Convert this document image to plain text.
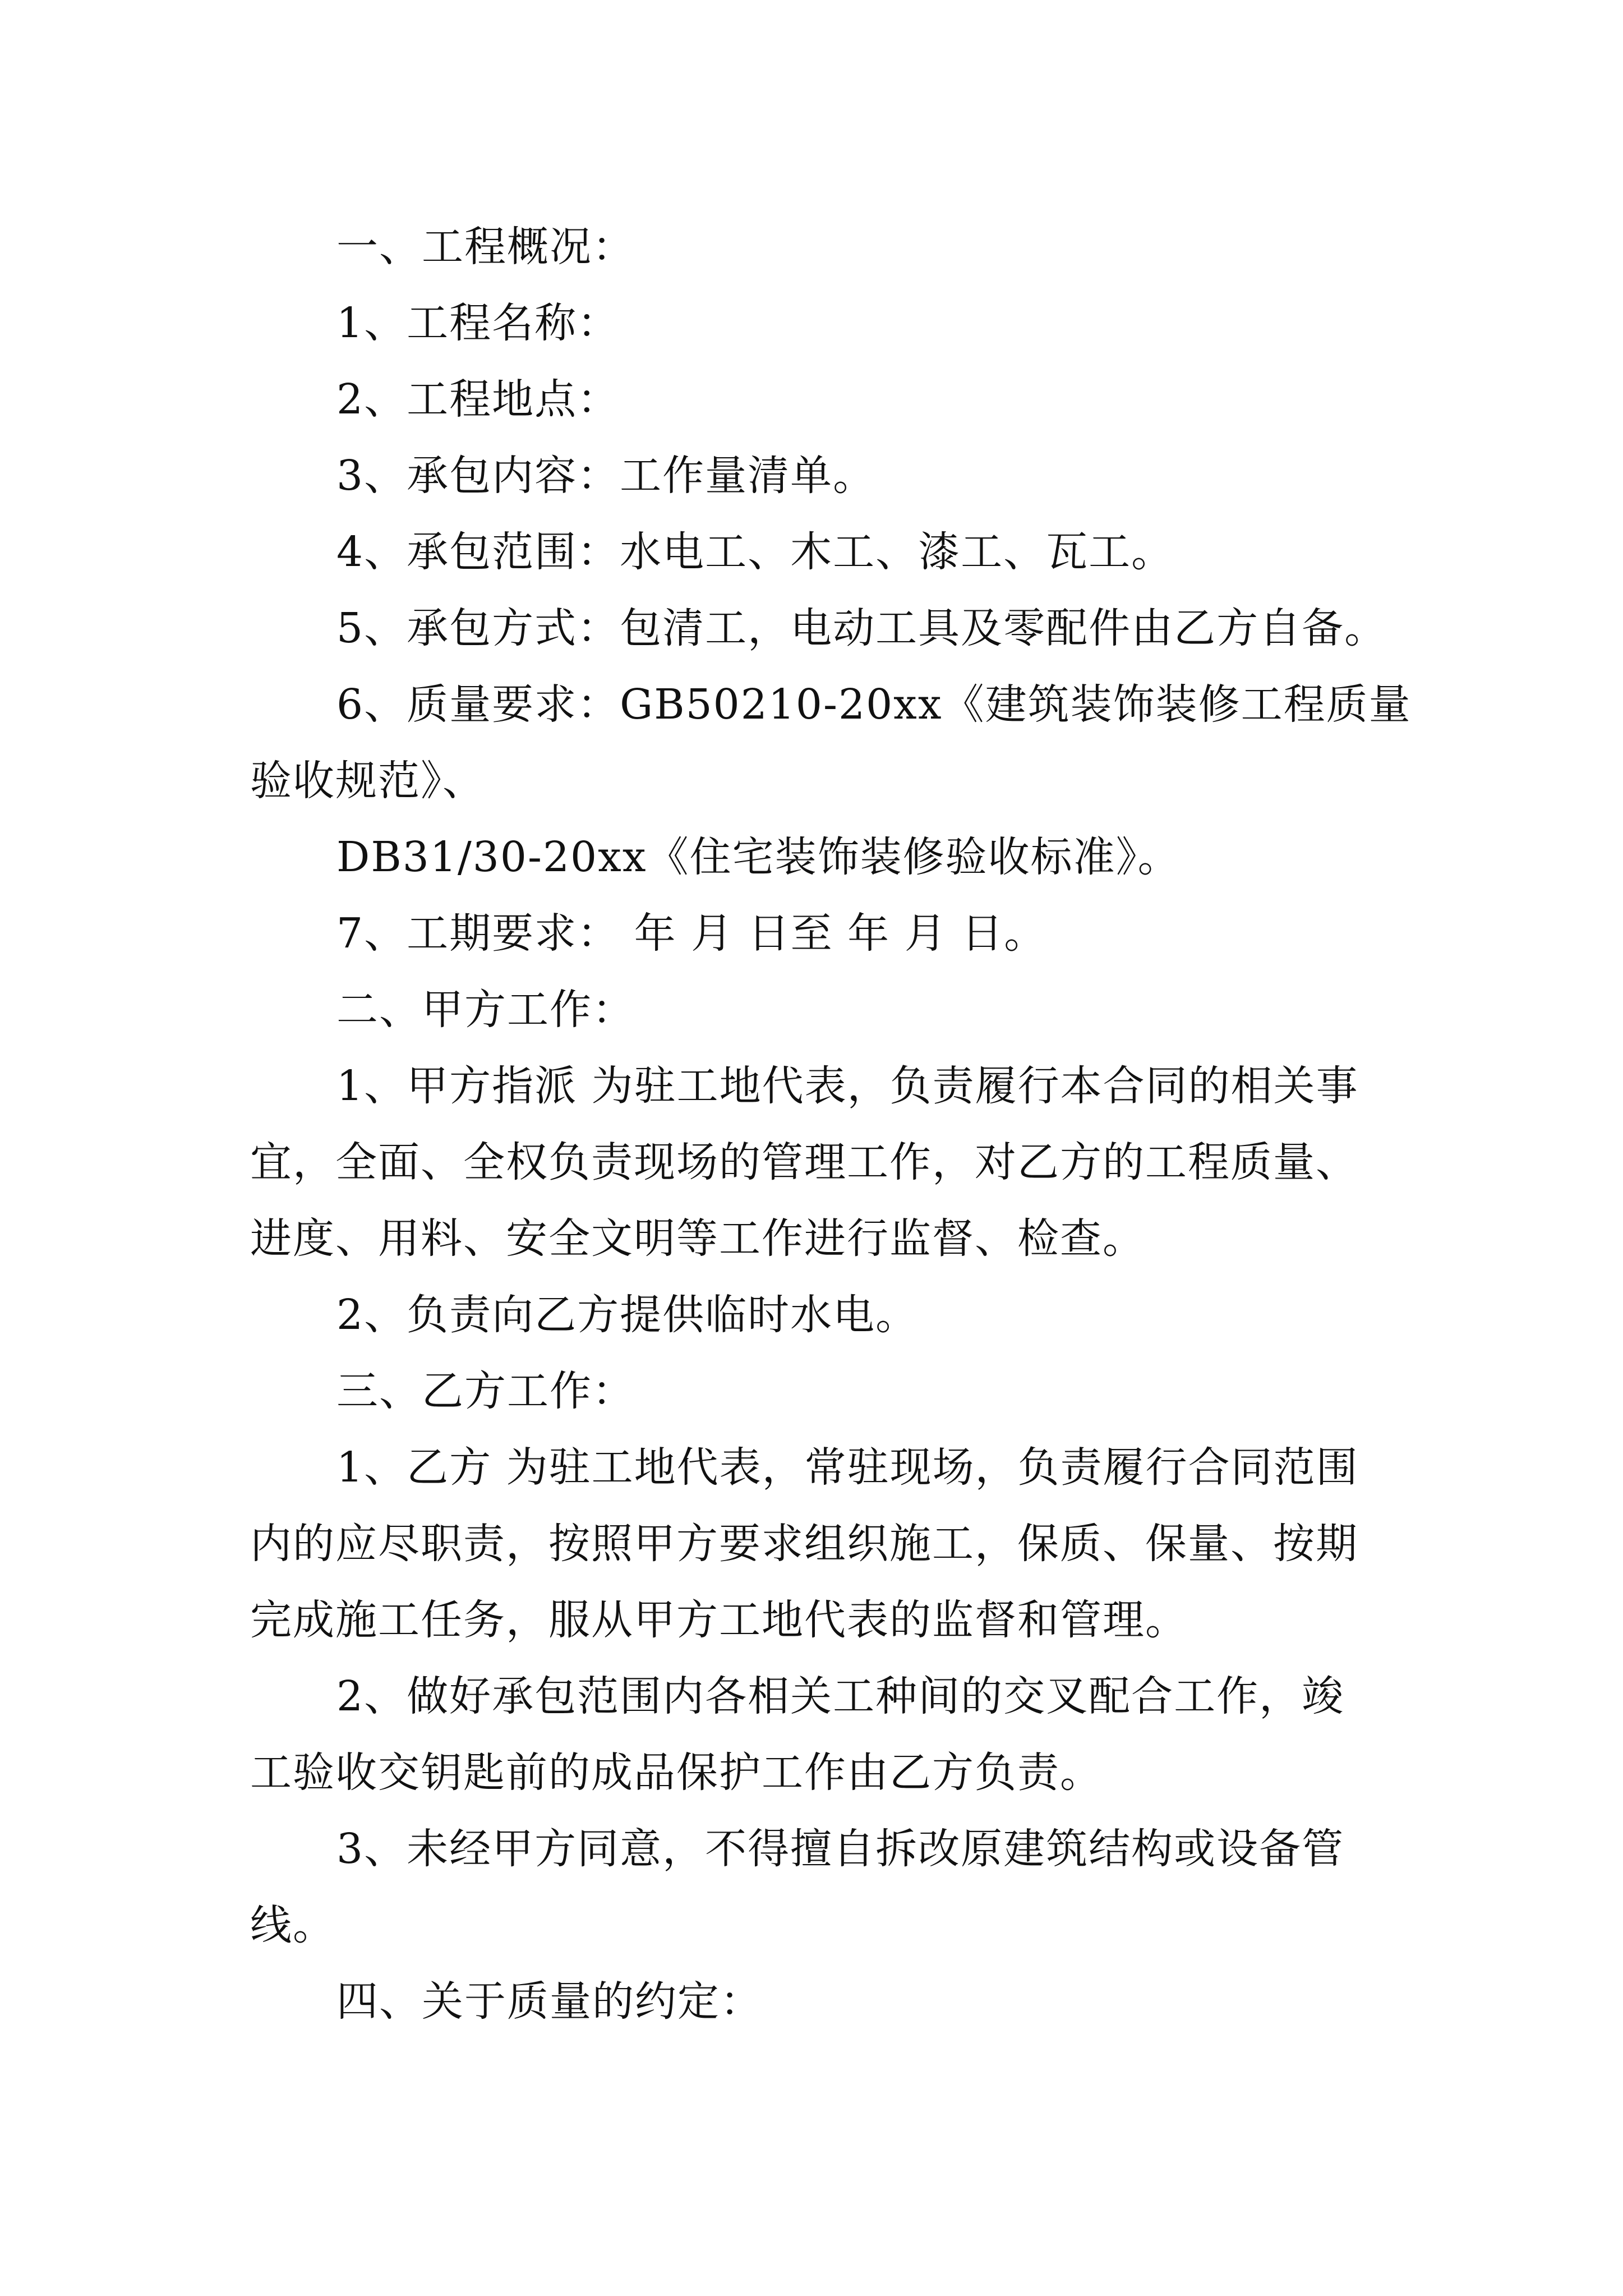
一、工程概况：
1、工程名称：
2、工程地点：
3、承包内容：工作量清单。
4、承包范围：水电工、木工、漆工、瓦工。
5、承包方式：包清工，电动工具及零配件由乙方自备。
6、质量要求：GB50210-20xx《建筑装饰装修工程质量
验收规范》、
DB31/30-20xx《住宅装饰装修验收标准》。
7、工期要求： 年 月 日至 年 月 日。
二、甲方工作：
1、甲方指派 为驻工地代表，负责履行本合同的相关事
宜，全面、全权负责现场的管理工作，对乙方的工程质量、
进度、用料、安全文明等工作进行监督、检查。
2、负责向乙方提供临时水电。
三、乙方工作：
1、乙方 为驻工地代表，常驻现场，负责履行合同范围
内的应尽职责，按照甲方要求组织施工，保质、保量、按期
完成施工任务，服从甲方工地代表的监督和管理。
2、做好承包范围内各相关工种间的交叉配合工作，竣
工验收交钥匙前的成品保护工作由乙方负责。
3、未经甲方同意，不得擅自拆改原建筑结构或设备管
线。
四、关于质量的约定：
